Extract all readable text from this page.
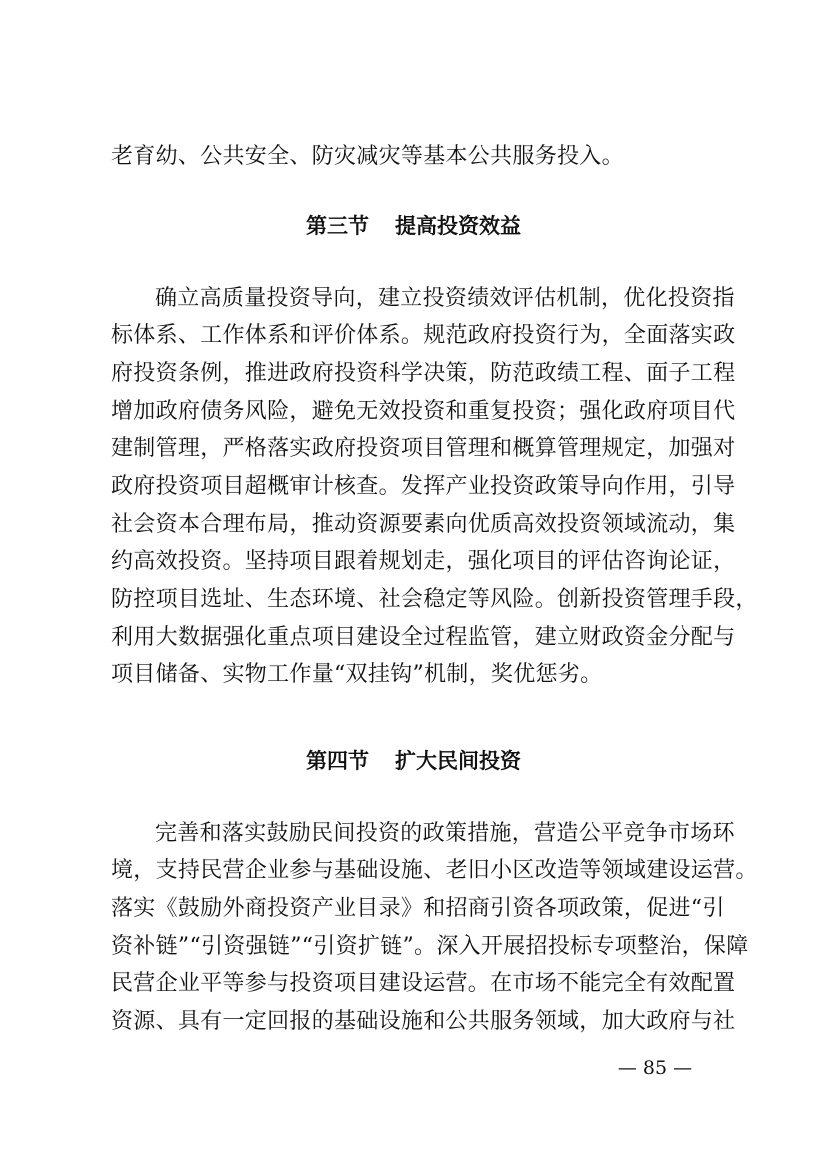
老育幼、公共安全、防灾减灾等基本公共服务投入。
第三节 提高投资效益
确立高质量投资导向，建立投资绩效评估机制，优化投资指
标体系、工作体系和评价体系。规范政府投资行为，全面落实政
府投资条例，推进政府投资科学决策，防范政绩工程、面子工程
增加政府债务风险，避免无效投资和重复投资；强化政府项目代
建制管理，严格落实政府投资项目管理和概算管理规定，加强对
政府投资项目超概审计核查。发挥产业投资政策导向作用，引导
社会资本合理布局，推动资源要素向优质高效投资领域流动，集
约高效投资。坚持项目跟着规划走，强化项目的评估咨询论证，
防控项目选址、生态环境、社会稳定等风险。创新投资管理手段，
利用大数据强化重点项目建设全过程监管，建立财政资金分配与
项目储备、实物工作量“双挂钩”机制，奖优惩劣。
第四节 扩大民间投资
完善和落实鼓励民间投资的政策措施，营造公平竞争市场环
境，支持民营企业参与基础设施、老旧小区改造等领域建设运营。
落实《鼓励外商投资产业目录》和招商引资各项政策，促进“引
资补链”“引资强链”“引资扩链”。深入开展招投标专项整治，保障
民营企业平等参与投资项目建设运营。在市场不能完全有效配置
资源、具有一定回报的基础设施和公共服务领域，加大政府与社
— 85 —
